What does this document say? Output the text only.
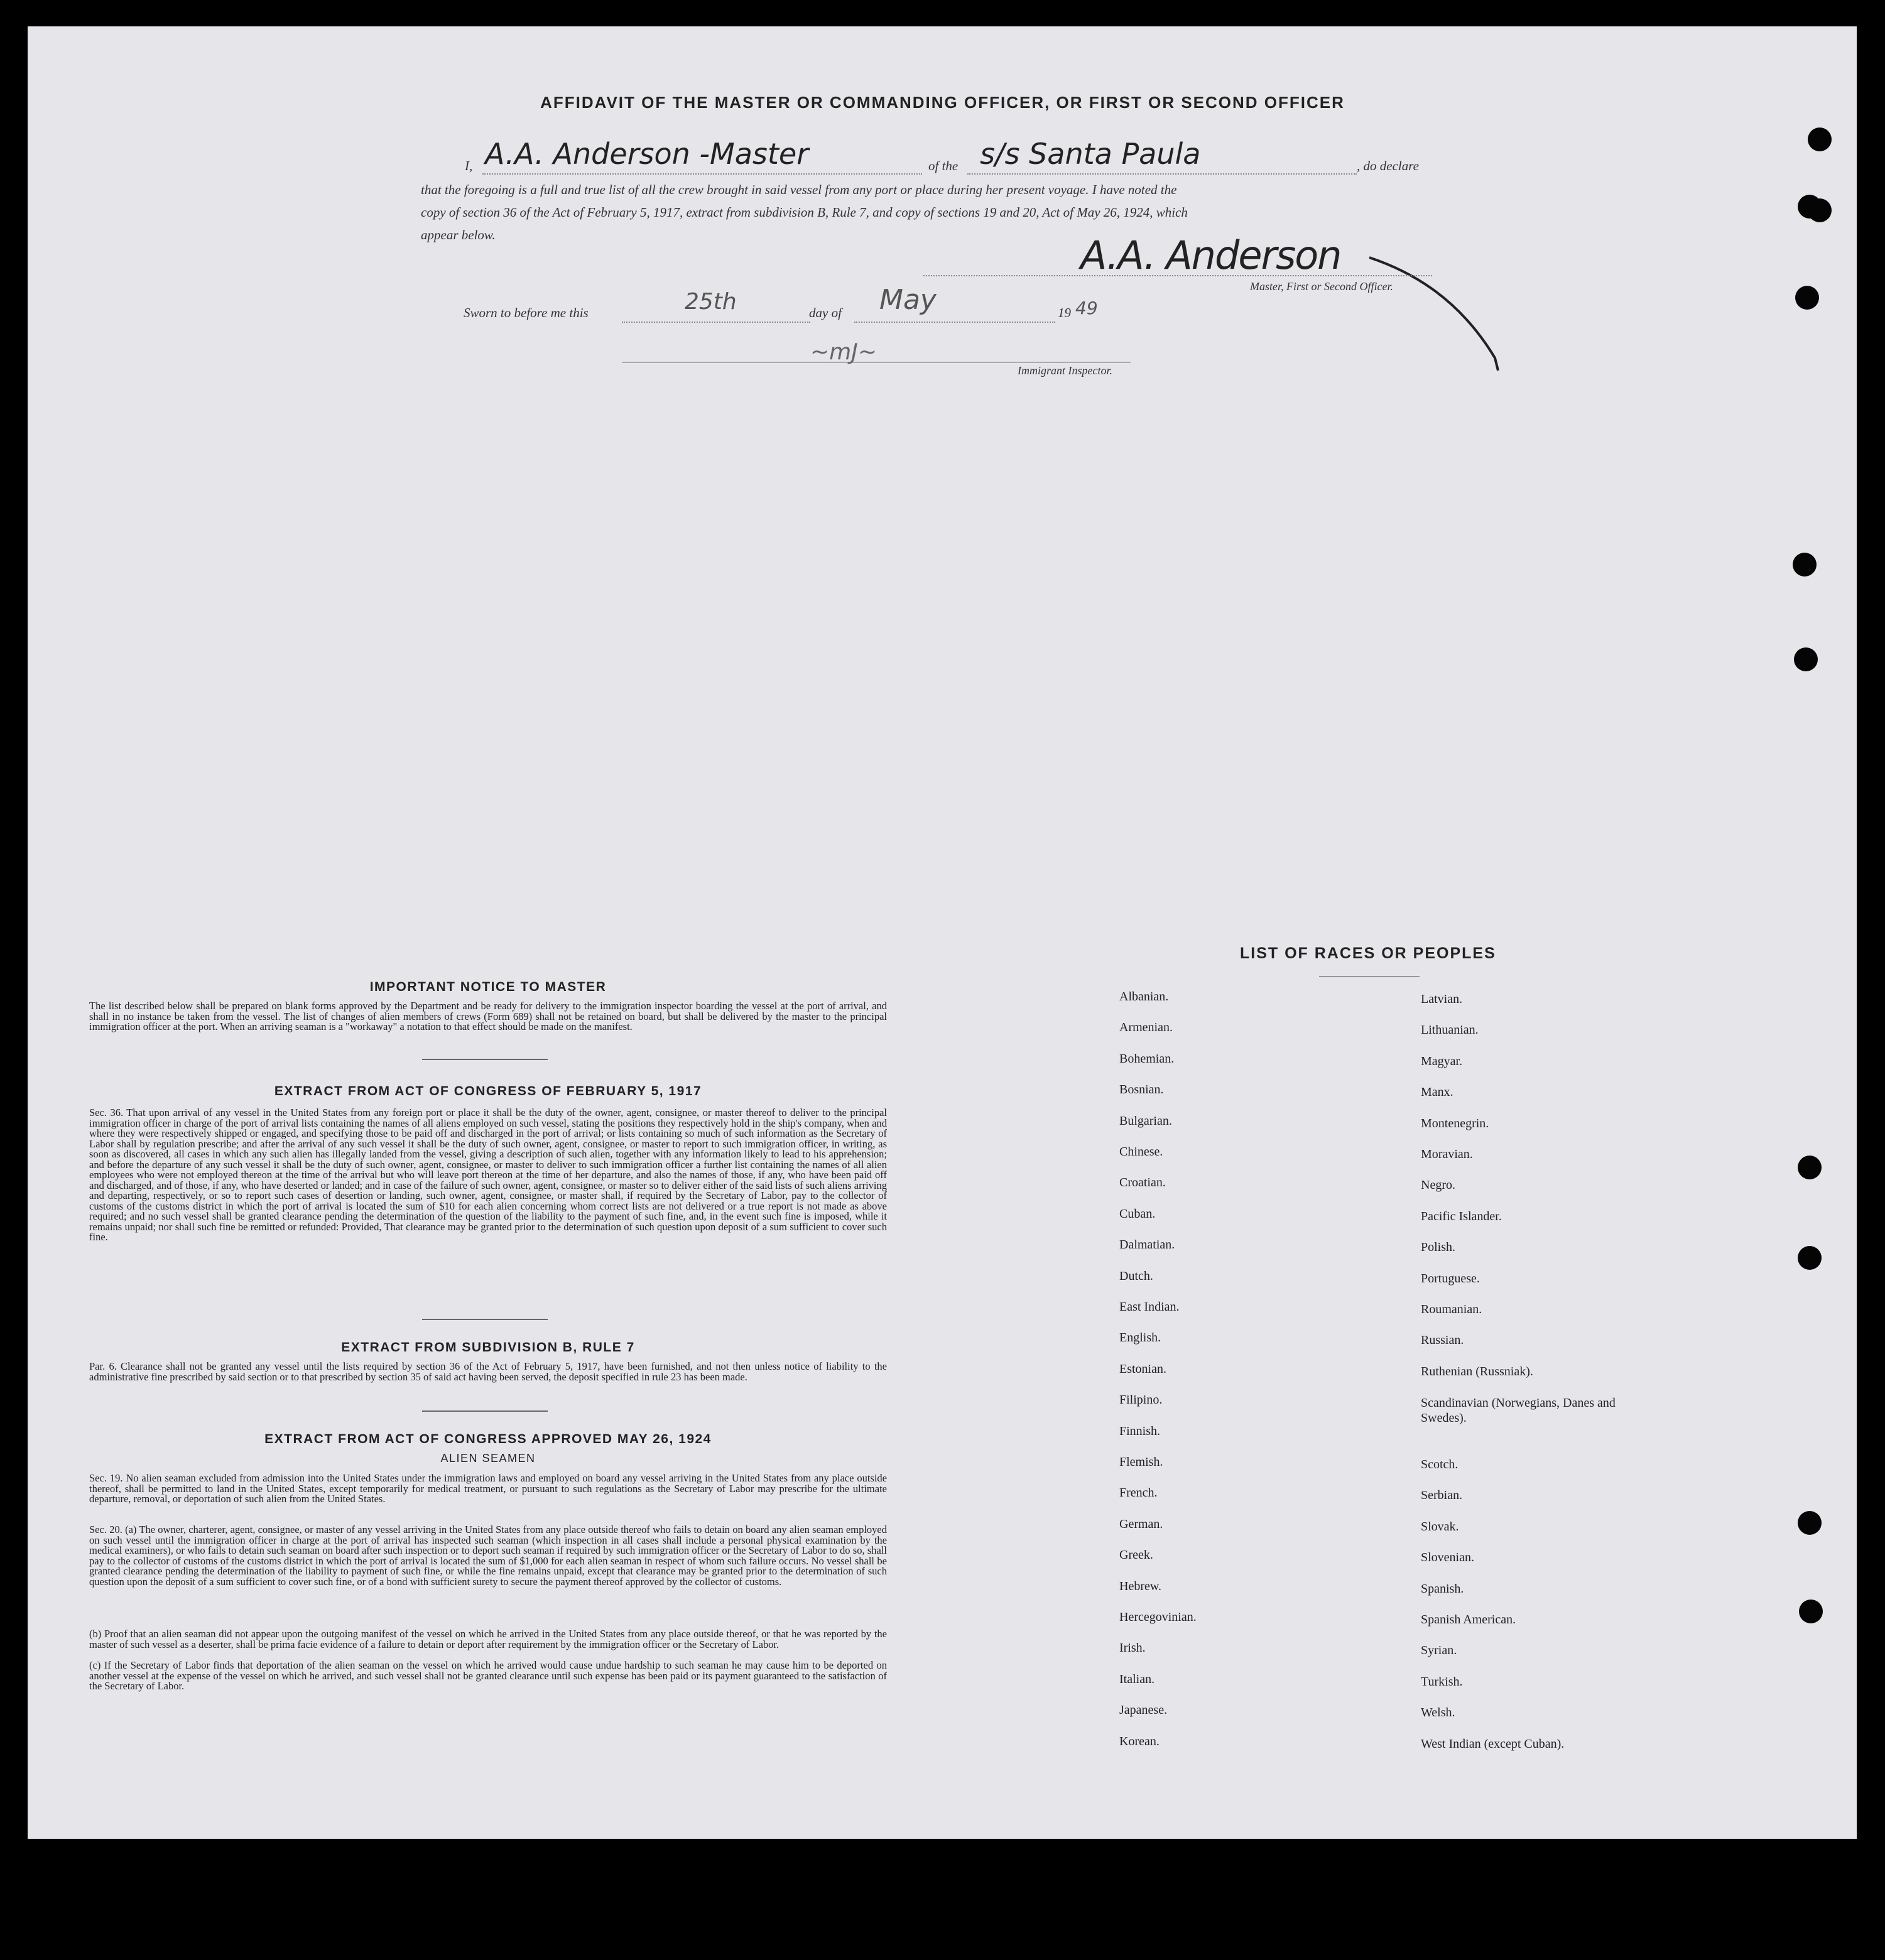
AFFIDAVIT OF THE MASTER OR COMMANDING OFFICER, OR FIRST OR SECOND OFFICER
I, A.A. Anderson -Master	of the s/s Santa Paula	, do declare
that the foregoing is a full and true list of all the crew brought in said vessel from any port or place during her present voyage. I have noted the
copy of section 36 of the Act of February 5, 1917, extract from subdivision B, Rule 7, and copy of sections 19 and 20, Act of May 26, 1924, which
appear below.	A.A. Anderson
Master, First or Second Officer.
Sworn to before me this	25th	day of May	19 49
~mJ~
Immigrant Inspector.
IMPORTANT NOTICE TO MASTER
The list described below shall be prepared on blank forms approved by the Department and be ready for delivery to the immigration inspector boarding the vessel at the port of arrival, and shall in no instance be taken from the vessel. The list of changes of alien members of crews (Form 689) shall not be retained on board, but shall be delivered by the master to the principal immigration officer at the port. When an arriving seaman is a "workaway" a notation to that effect should be made on the manifest.
EXTRACT FROM ACT OF CONGRESS OF FEBRUARY 5, 1917
Sec. 36. That upon arrival of any vessel in the United States from any foreign port or place it shall be the duty of the owner, agent, consignee, or master thereof to deliver to the principal immigration officer in charge of the port of arrival lists containing the names of all aliens employed on such vessel, stating the positions they respectively hold in the ship's company, when and where they were respectively shipped or engaged, and specifying those to be paid off and discharged in the port of arrival; or lists containing so much of such information as the Secretary of Labor shall by regulation prescribe; and after the arrival of any such vessel it shall be the duty of such owner, agent, consignee, or master to report to such immigration officer, in writing, as soon as discovered, all cases in which any such alien has illegally landed from the vessel, giving a description of such alien, together with any information likely to lead to his apprehension; and before the departure of any such vessel it shall be the duty of such owner, agent, consignee, or master to deliver to such immigration officer a further list containing the names of all alien employees who were not employed thereon at the time of the arrival but who will leave port thereon at the time of her departure, and also the names of those, if any, who have been paid off and discharged, and of those, if any, who have deserted or landed; and in case of the failure of such owner, agent, consignee, or master so to deliver either of the said lists of such aliens arriving and departing, respectively, or so to report such cases of desertion or landing, such owner, agent, consignee, or master shall, if required by the Secretary of Labor, pay to the collector of customs of the customs district in which the port of arrival is located the sum of $10 for each alien concerning whom correct lists are not delivered or a true report is not made as above required; and no such vessel shall be granted clearance pending the determination of the question of the liability to the payment of such fine, and, in the event such fine is imposed, while it remains unpaid; nor shall such fine be remitted or refunded: Provided, That clearance may be granted prior to the determination of such question upon deposit of a sum sufficient to cover such fine.
EXTRACT FROM SUBDIVISION B, RULE 7
Par. 6. Clearance shall not be granted any vessel until the lists required by section 36 of the Act of February 5, 1917, have been furnished, and not then unless notice of liability to the administrative fine prescribed by said section or to that prescribed by section 35 of said act having been served, the deposit specified in rule 23 has been made.
EXTRACT FROM ACT OF CONGRESS APPROVED MAY 26, 1924
ALIEN SEAMEN
Sec. 19. No alien seaman excluded from admission into the United States under the immigration laws and employed on board any vessel arriving in the United States from any place outside thereof, shall be permitted to land in the United States, except temporarily for medical treatment, or pursuant to such regulations as the Secretary of Labor may prescribe for the ultimate departure, removal, or deportation of such alien from the United States.
Sec. 20. (a) The owner, charterer, agent, consignee, or master of any vessel arriving in the United States from any place outside thereof who fails to detain on board any alien seaman employed on such vessel until the immigration officer in charge at the port of arrival has inspected such seaman (which inspection in all cases shall include a personal physical examination by the medical examiners), or who fails to detain such seaman on board after such inspection or to deport such seaman if required by such immigration officer or the Secretary of Labor to do so, shall pay to the collector of customs of the customs district in which the port of arrival is located the sum of $1,000 for each alien seaman in respect of whom such failure occurs. No vessel shall be granted clearance pending the determination of the liability to payment of such fine, or while the fine remains unpaid, except that clearance may be granted prior to the determination of such question upon the deposit of a sum sufficient to cover such fine, or of a bond with sufficient surety to secure the payment thereof approved by the collector of customs.
(b) Proof that an alien seaman did not appear upon the outgoing manifest of the vessel on which he arrived in the United States from any place outside thereof, or that he was reported by the master of such vessel as a deserter, shall be prima facie evidence of a failure to detain or deport after requirement by the immigration officer or the Secretary of Labor.
(c) If the Secretary of Labor finds that deportation of the alien seaman on the vessel on which he arrived would cause undue hardship to such seaman he may cause him to be deported on another vessel at the expense of the vessel on which he arrived, and such vessel shall not be granted clearance until such expense has been paid or its payment guaranteed to the satisfaction of the Secretary of Labor.
LIST OF RACES OR PEOPLES
Albanian.
Armenian.
Bohemian.
Bosnian.
Bulgarian.
Chinese.
Croatian.
Cuban.
Dalmatian.
Dutch.
East Indian.
English.
Estonian.
Filipino.
Finnish.
Flemish.
French.
German.
Greek.
Hebrew.
Hercegovinian.
Irish.
Italian.
Japanese.
Korean.
Latvian.
Lithuanian.
Magyar.
Manx.
Montenegrin.
Moravian.
Negro.
Pacific Islander.
Polish.
Portuguese.
Roumanian.
Russian.
Ruthenian (Russniak).
Scandinavian (Norwegians, Danes and Swedes).
Scotch.
Serbian.
Slovak.
Slovenian.
Spanish.
Spanish American.
Syrian.
Turkish.
Welsh.
West Indian (except Cuban).
